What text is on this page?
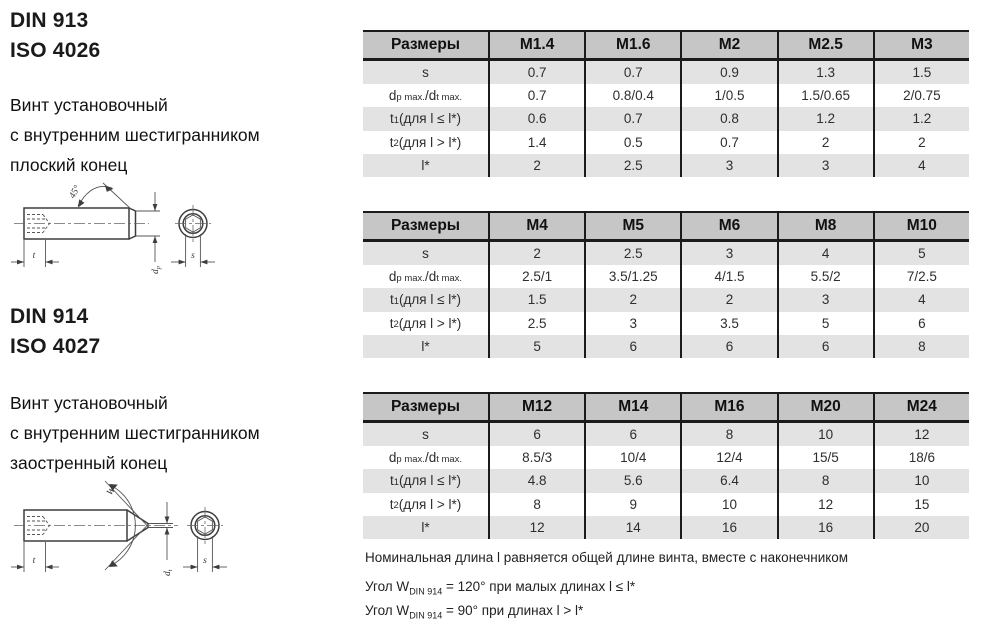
DIN 913
ISO 4026
Винт установочный
с внутренним шестигранником
плоский конец
45°
t
$d_p$
s
DIN 914
ISO 4027
Винт установочный
с внутренним шестигранником
заостренный конец
W
t
$d_t$
s
Размеры	M1.4	M1.6	M2	M2.5	M3
s	0.7	0.7	0.9	1.3	1.5
d p max. /d t max.	0.7	0.8/0.4	1/0.5	1.5/0.65	2/0.75
t 1 (для l ≤ l*)	0.6	0.7	0.8	1.2	1.2
t 2 (для l > l*)	1.4	0.5	0.7	2	2
l*	2	2.5	3	3	4
Размеры	M4	M5	M6	M8	M10
s	2	2.5	3	4	5
d p max. /d t max.	2.5/1	3.5/1.25	4/1.5	5.5/2	7/2.5
t 1 (для l ≤ l*)	1.5	2	2	3	4
t 2 (для l > l*)	2.5	3	3.5	5	6
l*	5	6	6	6	8
Размеры	M12	M14	M16	M20	M24
s	6	6	8	10	12
d p max. /d t max.	8.5/3	10/4	12/4	15/5	18/6
t 1 (для l ≤ l*)	4.8	5.6	6.4	8	10
t 2 (для l > l*)	8	9	10	12	15
l*	12	14	16	16	20
Номинальная длина l равняется общей длине винта, вместе с наконечником
Угол $W_{DIN 914} = 120^\circ$ при малых длинах l ≤ l*
Угол $W_{DIN 914} = 90^\circ$ при длинах l > l*
